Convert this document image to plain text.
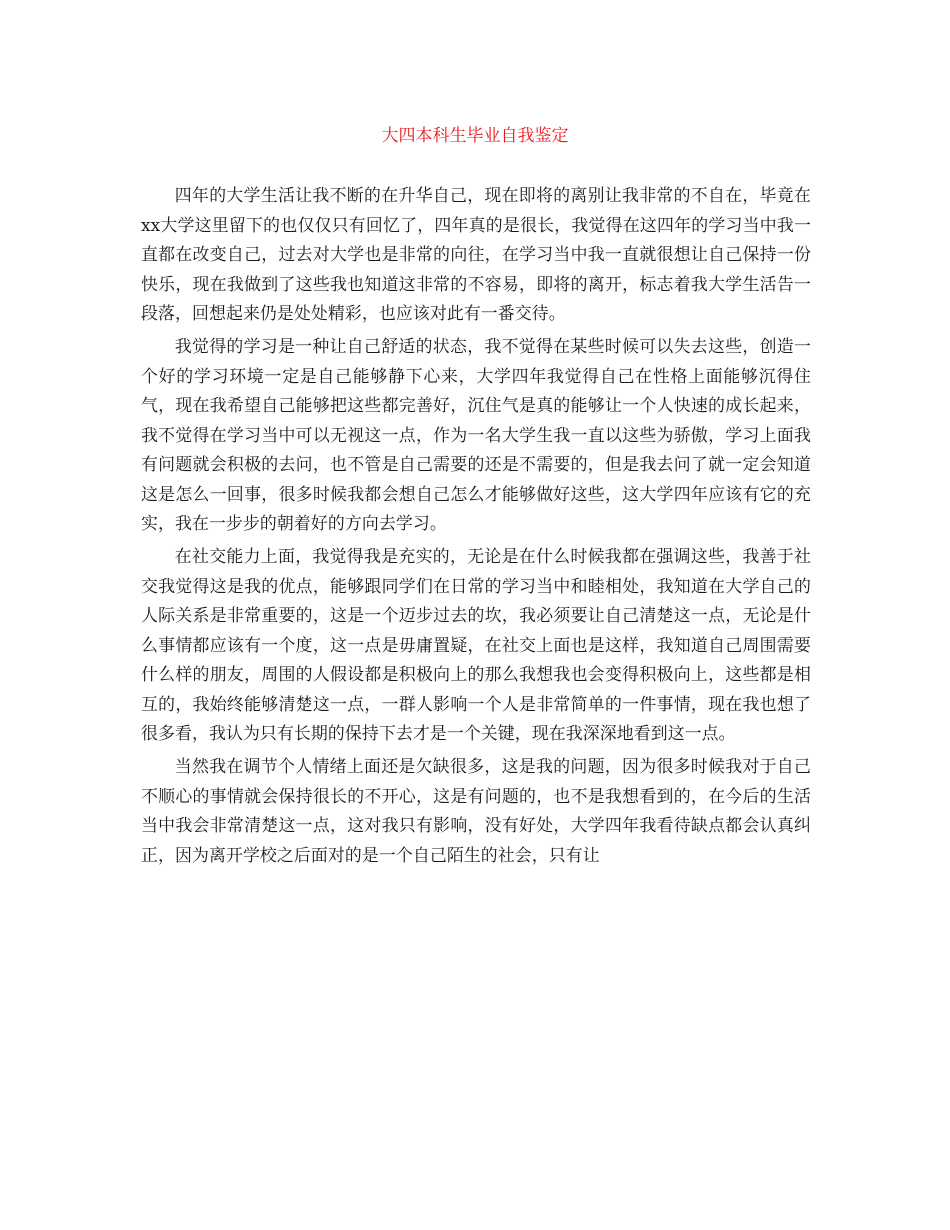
大四本科生毕业自我鉴定

四年的大学生活让我不断的在升华自己，现在即将的离别让我非常的不自在，毕竟在xx大学这里留下的也仅仅只有回忆了，四年真的是很长，我觉得在这四年的学习当中我一直都在改变自己，过去对大学也是非常的向往，在学习当中我一直就很想让自己保持一份快乐，现在我做到了这些我也知道这非常的不容易，即将的离开，标志着我大学生活告一段落，回想起来仍是处处精彩，也应该对此有一番交待。

我觉得的学习是一种让自己舒适的状态，我不觉得在某些时候可以失去这些，创造一个好的学习环境一定是自己能够静下心来，大学四年我觉得自己在性格上面能够沉得住气，现在我希望自己能够把这些都完善好，沉住气是真的能够让一个人快速的成长起来，我不觉得在学习当中可以无视这一点，作为一名大学生我一直以这些为骄傲，学习上面我有问题就会积极的去问，也不管是自己需要的还是不需要的，但是我去问了就一定会知道这是怎么一回事，很多时候我都会想自己怎么才能够做好这些，这大学四年应该有它的充实，我在一步步的朝着好的方向去学习。

在社交能力上面，我觉得我是充实的，无论是在什么时候我都在强调这些，我善于社交我觉得这是我的优点，能够跟同学们在日常的学习当中和睦相处，我知道在大学自己的人际关系是非常重要的，这是一个迈步过去的坎，我必须要让自己清楚这一点，无论是什么事情都应该有一个度，这一点是毋庸置疑，在社交上面也是这样，我知道自己周围需要什么样的朋友，周围的人假设都是积极向上的那么我想我也会变得积极向上，这些都是相互的，我始终能够清楚这一点，一群人影响一个人是非常简单的一件事情，现在我也想了很多看，我认为只有长期的保持下去才是一个关键，现在我深深地看到这一点。

当然我在调节个人情绪上面还是欠缺很多，这是我的问题，因为很多时候我对于自己不顺心的事情就会保持很长的不开心，这是有问题的，也不是我想看到的，在今后的生活当中我会非常清楚这一点，这对我只有影响，没有好处，大学四年我看待缺点都会认真纠正，因为离开学校之后面对的是一个自己陌生的社会，只有让
